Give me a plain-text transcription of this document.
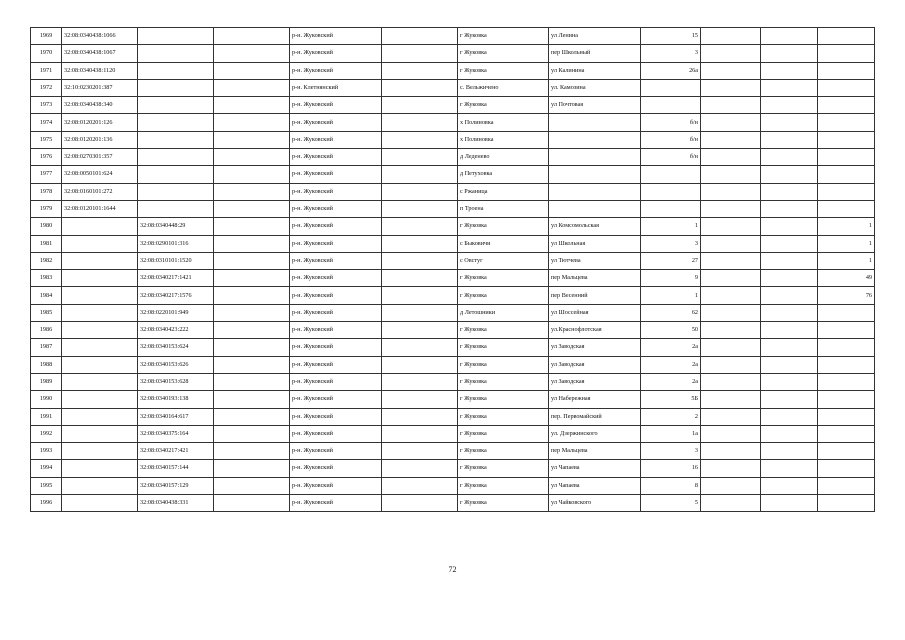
1969	32:08:0340438:1066			р-н. Жуковский		г Жуковка	ул Ленина	15			
1970	32:08:0340438:1067			р-н. Жуковский		г Жуковка	пер Школьный	3			
1971	32:08:0340438:1120			р-н. Жуковский		г Жуковка	ул Калинина	26а			
1972	32:10:0230201:387			р-н. Клетнянский		с. Вельжичено	ул. Камозина				
1973	32:08:0340438:340			р-н. Жуковский		г Жуковка	ул Почтовая				
1974	32:08:0120201:126			р-н. Жуковский		х Полиновка		б/н			
1975	32:08:0120201:136			р-н. Жуковский		х Полиновка		б/н			
1976	32:08:0270301:357			р-н. Жуковский		д Леденево		б/н			
1977	32:08:0050101:624			р-н. Жуковский		д Петуховка					
1978	32:08:0160101:272			р-н. Жуковский		с Ржаница					
1979	32:08:0120101:1644			р-н. Жуковский		п Троена					
1980		32:08:0340448:29		р-н. Жуковский		г Жуковка	ул Комсомольская	1			1
1981		32:08:0290101:316		р-н. Жуковский		с Быковичи	ул Школьная	3			1
1982		32:08:0310101:1520		р-н. Жуковский		с Овстуг	ул Тютчева	27			1
1983		32:08:0340217:1421		р-н. Жуковский		г Жуковка	пер Мальцева	9			49
1984		32:08:0340217:1576		р-н. Жуковский		г Жуковка	пер Весенний	1			76
1985		32:08:0220101:949		р-н. Жуковский		д Летошники	ул Шоссейная	62			
1986		32:08:0340423:222		р-н. Жуковский		г Жуковка	ул.Краснофлотская	50			
1987		32:08:0340153:624		р-н. Жуковский		г Жуковка	ул Заводская	2а			
1988		32:08:0340153:626		р-н. Жуковский		г Жуковка	ул Заводская	2а			
1989		32:08:0340153:628		р-н. Жуковский		г Жуковка	ул Заводская	2а			
1990		32:08:0340193:138		р-н. Жуковский		г Жуковка	ул Набережная	5Б			
1991		32:08:0340164:617		р-н. Жуковский		г Жуковка	пер. Первомайский	2			
1992		32:08:0340375:164		р-н. Жуковский		г Жуковка	ул. Дзержинского	1а			
1993		32:08:0340217:421		р-н. Жуковский		г Жуковка	пер Мальцева	3			
1994		32:08:0340157:144		р-н. Жуковский		г Жуковка	ул Чапаева	16			
1995		32:08:0340157:129		р-н. Жуковский		г Жуковка	ул Чапаева	8			
1996		32:08:0340438:331		р-н. Жуковский		г Жуковка	ул Чайковского	5			
72
